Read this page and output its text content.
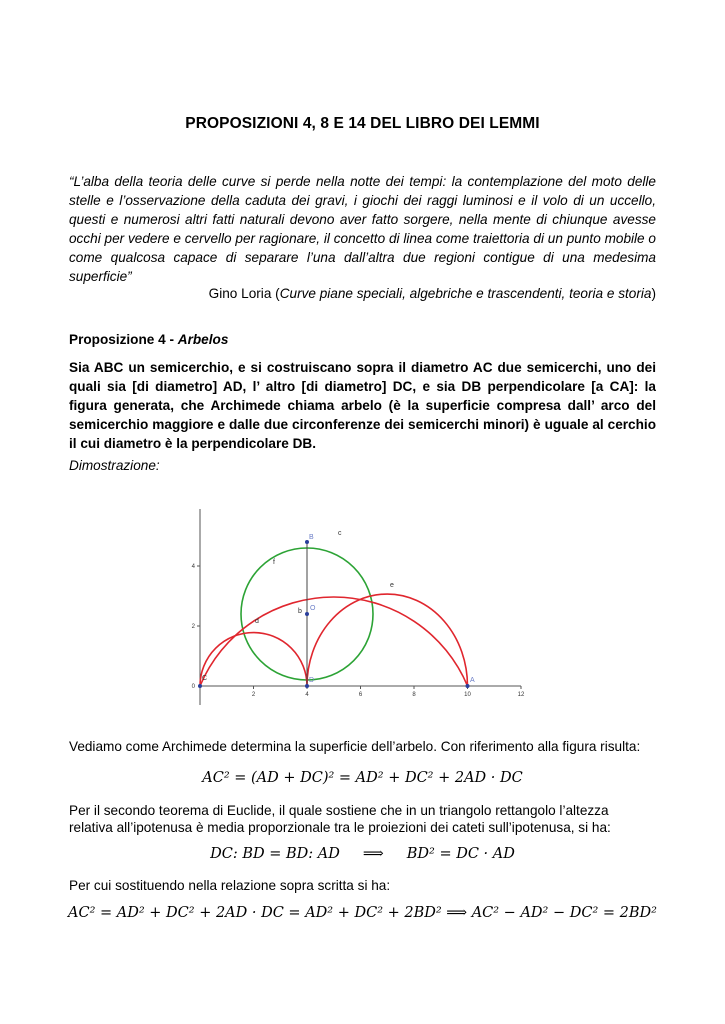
PROPOSIZIONI 4, 8 E 14 DEL LIBRO DEI LEMMI
“L’alba della teoria delle curve si perde nella notte dei tempi: la contemplazione del moto delle stelle e l’osservazione della caduta dei gravi, i giochi dei raggi luminosi e il volo di un uccello, questi e numerosi altri fatti naturali devono aver fatto sorgere, nella mente di chiunque avesse occhi per vedere e cervello per ragionare, il concetto di linea come traiettoria di un punto mobile o come qualcosa capace di separare l’una dall’altra due regioni contigue di una medesima superficie”
Gino Loria (Curve piane speciali, algebriche e trascendenti, teoria e storia)
Proposizione 4 - Arbelos
Sia ABC un semicerchio, e si costruiscano sopra il diametro AC due semicerchi, uno dei quali sia [di diametro] AD, l’ altro [di diametro] DC, e sia DB perpendicolare [a CA]: la figura generata, che Archimede chiama arbelo (è la superficie compresa dall’ arco del semicerchio maggiore e dalle due circonferenze dei semicerchi minori) è uguale al cerchio il cui diametro è la perpendicolare DB.
Dimostrazione:
2	4	6	8	10	12
0
2
4
A
C	D
B
O
b
c
d
e
f
Vediamo come Archimede determina la superficie dell’arbelo. Con riferimento alla figura risulta:
AC² = (AD + DC)² = AD² + DC² + 2AD · DC
Per il secondo teorema di Euclide, il quale sostiene che in un triangolo rettangolo l’altezza relativa all’ipotenusa è media proporzionale tra le proiezioni dei cateti sull’ipotenusa, si ha:
DC: BD = BD: AD     ⟹     BD² = DC · AD
Per cui sostituendo nella relazione sopra scritta si ha:
AC² = AD² + DC² + 2AD · DC = AD² + DC² + 2BD² ⟹ AC² − AD² − DC² = 2BD²
